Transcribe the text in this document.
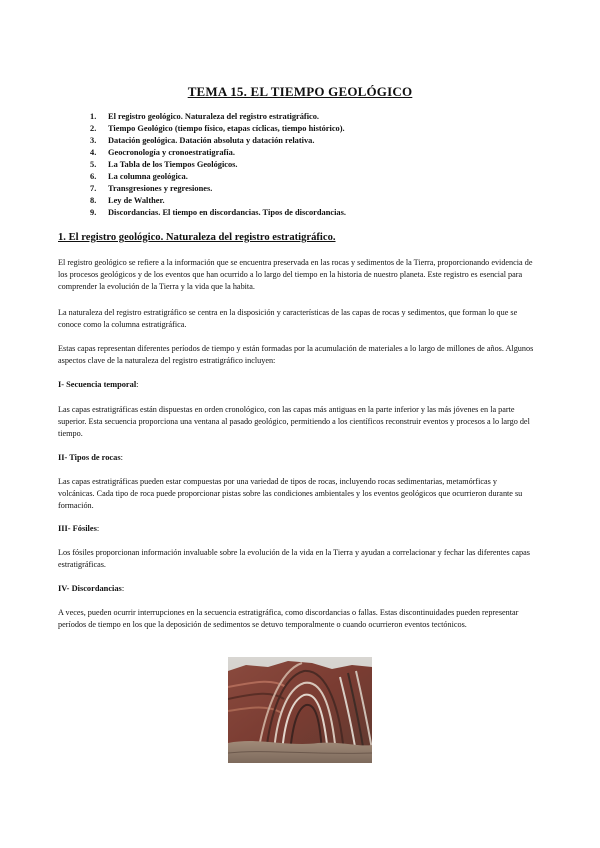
TEMA 15. EL TIEMPO GEOLÓGICO
1. El registro geológico. Naturaleza del registro estratigráfico.
2. Tiempo Geológico (tiempo físico, etapas cíclicas, tiempo histórico).
3. Datación geológica. Datación absoluta y datación relativa.
4. Geocronología y cronoestratigrafía.
5. La Tabla de los Tiempos Geológicos.
6. La columna geológica.
7. Transgresiones y regresiones.
8. Ley de Walther.
9. Discordancias. El tiempo en discordancias. Tipos de discordancias.
1. El registro geológico. Naturaleza del registro estratigráfico.

El registro geológico se refiere a la información que se encuentra preservada en las rocas y sedimentos de la Tierra, proporcionando evidencia de los procesos geológicos y de los eventos que han ocurrido a lo largo del tiempo en la historia de nuestro planeta. Este registro es esencial para comprender la evolución de la Tierra y la vida que la habita.

La naturaleza del registro estratigráfico se centra en la disposición y características de las capas de rocas y sedimentos, que forman lo que se conoce como la columna estratigráfica.

Estas capas representan diferentes períodos de tiempo y están formadas por la acumulación de materiales a lo largo de millones de años. Algunos aspectos clave de la naturaleza del registro estratigráfico incluyen:

I- Secuencia temporal:

Las capas estratigráficas están dispuestas en orden cronológico, con las capas más antiguas en la parte inferior y las más jóvenes en la parte superior. Esta secuencia proporciona una ventana al pasado geológico, permitiendo a los científicos reconstruir eventos y procesos a lo largo del tiempo.

II- Tipos de rocas:

Las capas estratigráficas pueden estar compuestas por una variedad de tipos de rocas, incluyendo rocas sedimentarias, metamórficas y volcánicas. Cada tipo de roca puede proporcionar pistas sobre las condiciones ambientales y los eventos geológicos que ocurrieron durante su formación.

III- Fósiles:

Los fósiles proporcionan información invaluable sobre la evolución de la vida en la Tierra y ayudan a correlacionar y fechar las diferentes capas estratigráficas.

IV- Discordancias:

A veces, pueden ocurrir interrupciones en la secuencia estratigráfica, como discordancias o fallas. Estas discontinuidades pueden representar períodos de tiempo en los que la deposición de sedimentos se detuvo temporalmente o cuando ocurrieron eventos tectónicos.
